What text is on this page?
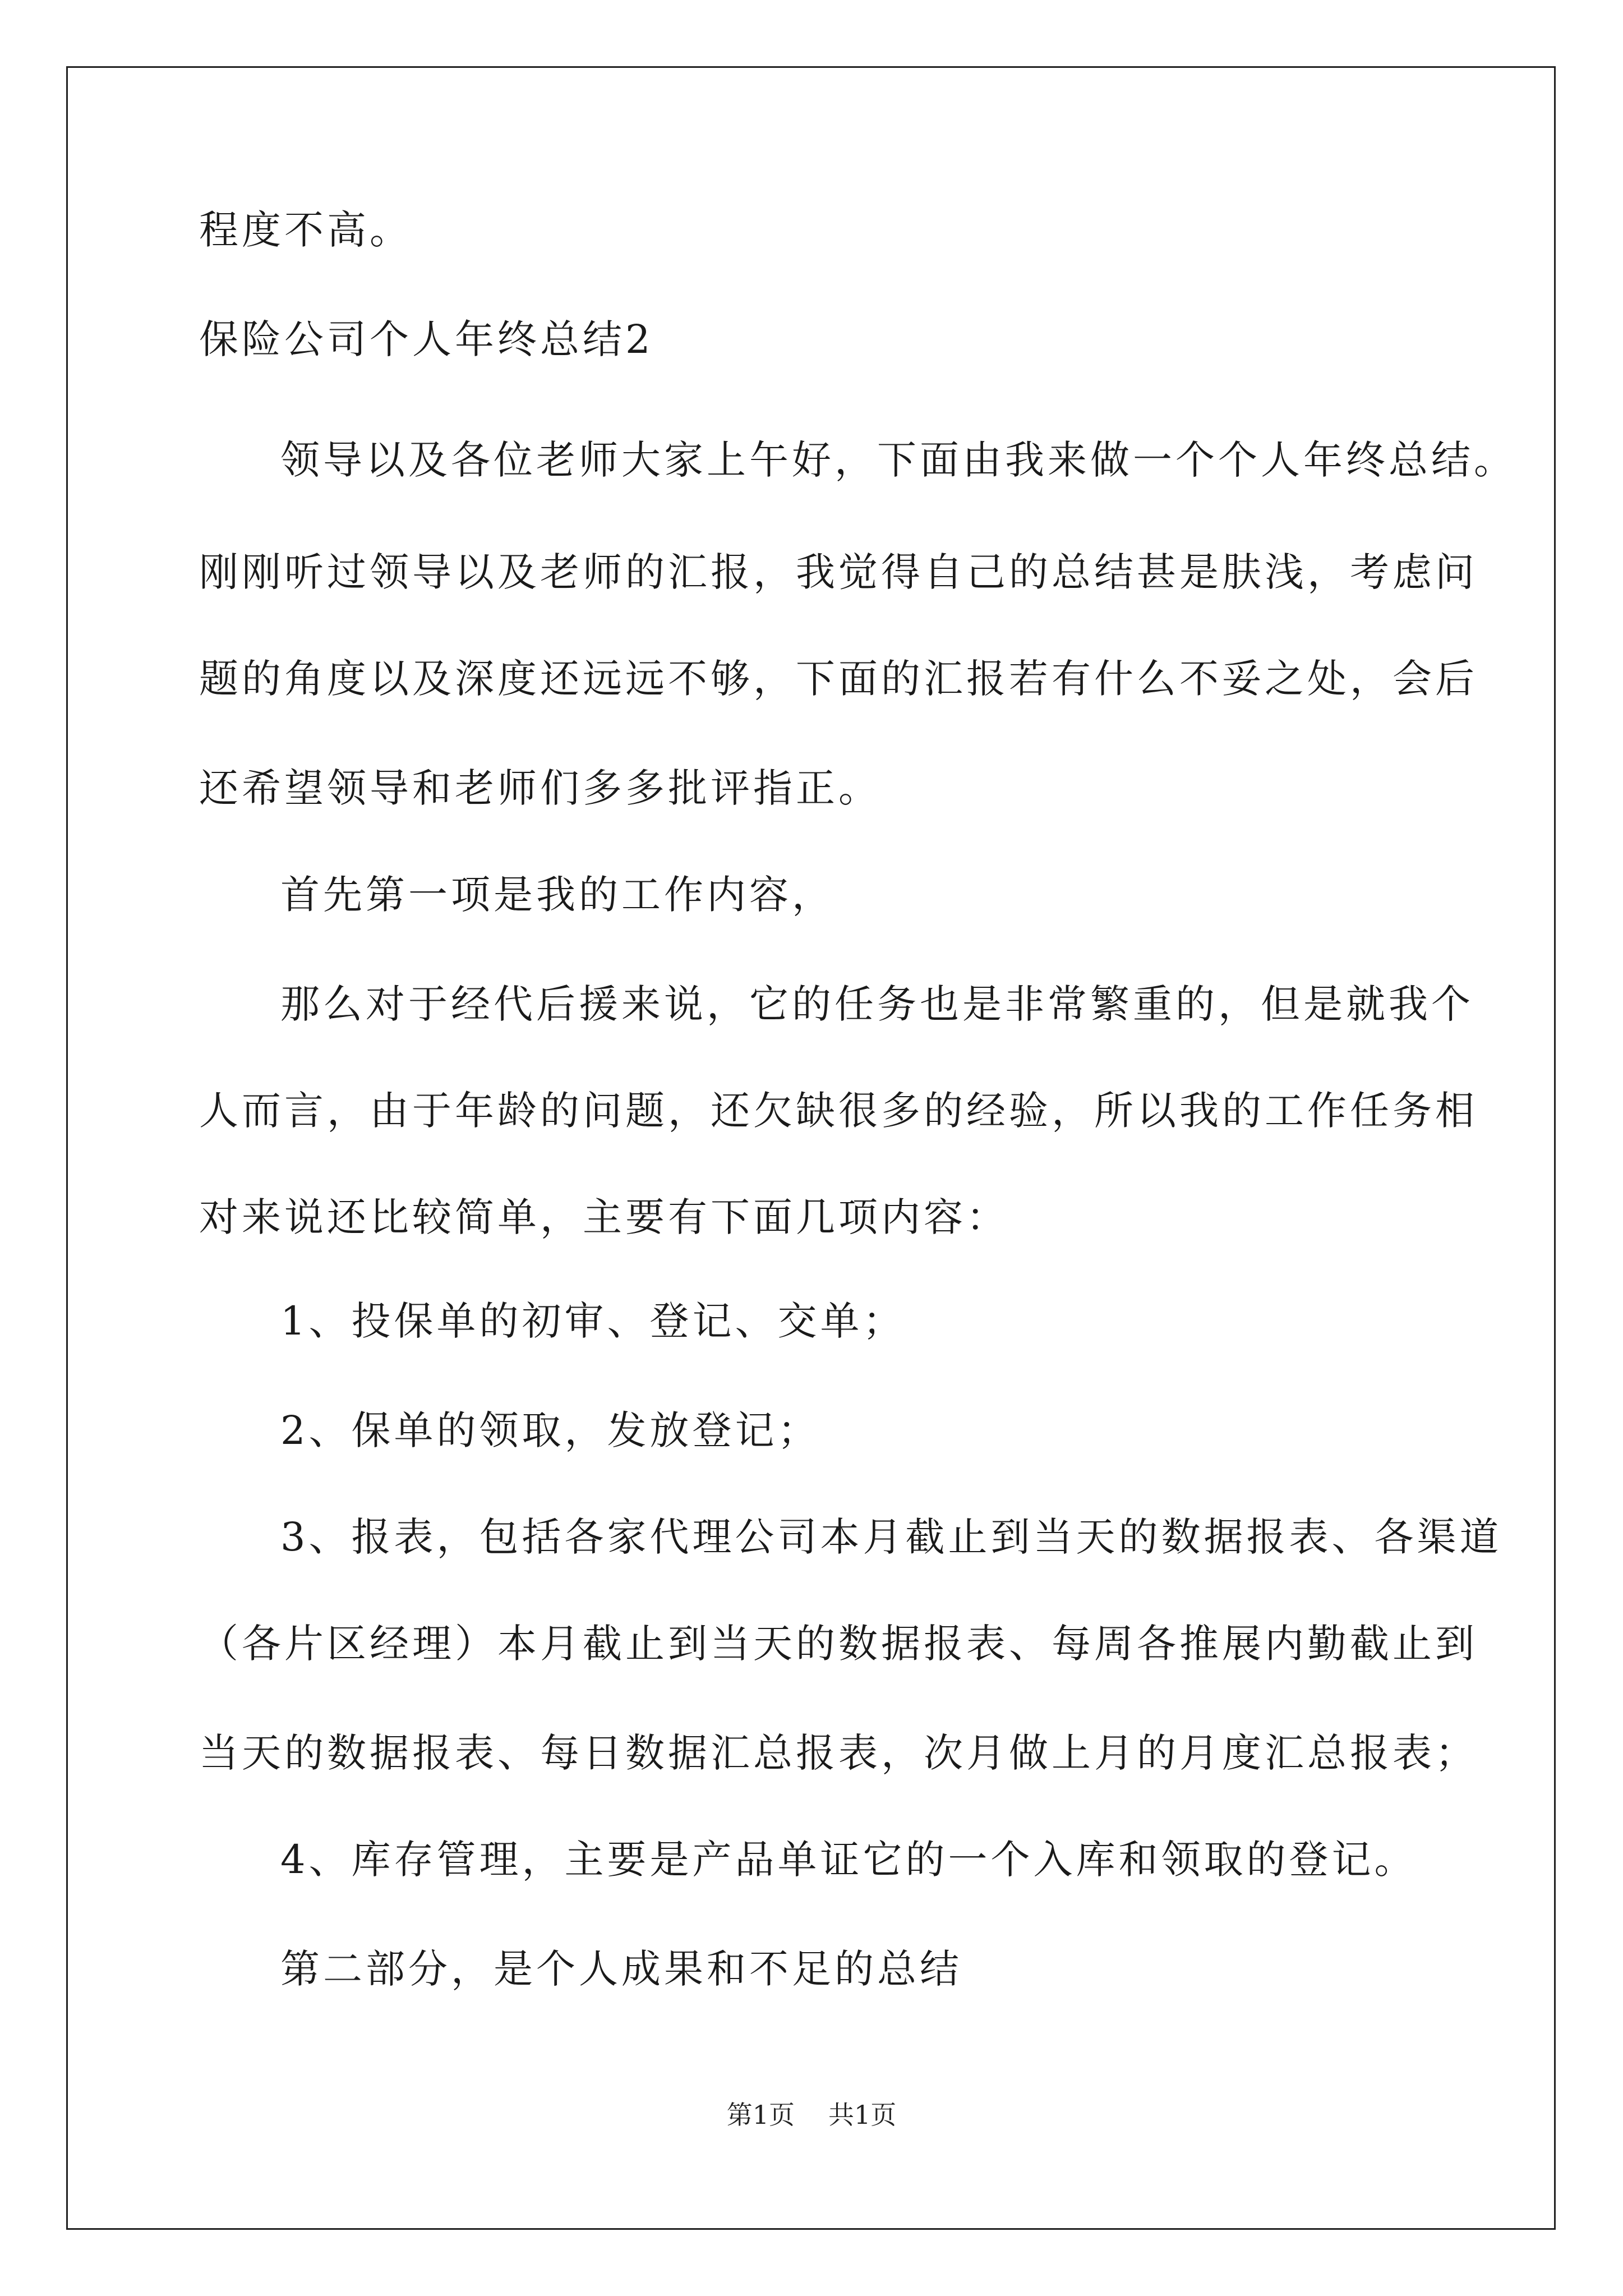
程度不高。
保险公司个人年终总结2
领导以及各位老师大家上午好，下面由我来做一个个人年终总结。
刚刚听过领导以及老师的汇报，我觉得自己的总结甚是肤浅，考虑问
题的角度以及深度还远远不够，下面的汇报若有什么不妥之处，会后
还希望领导和老师们多多批评指正。
首先第一项是我的工作内容，
那么对于经代后援来说，它的任务也是非常繁重的，但是就我个
人而言，由于年龄的问题，还欠缺很多的经验，所以我的工作任务相
对来说还比较简单，主要有下面几项内容：
1、投保单的初审、登记、交单；
2、保单的领取，发放登记；
3、报表，包括各家代理公司本月截止到当天的数据报表、各渠道
（各片区经理）本月截止到当天的数据报表、每周各推展内勤截止到
当天的数据报表、每日数据汇总报表，次月做上月的月度汇总报表；
4、库存管理，主要是产品单证它的一个入库和领取的登记。
第二部分，是个人成果和不足的总结
第1页 共1页
